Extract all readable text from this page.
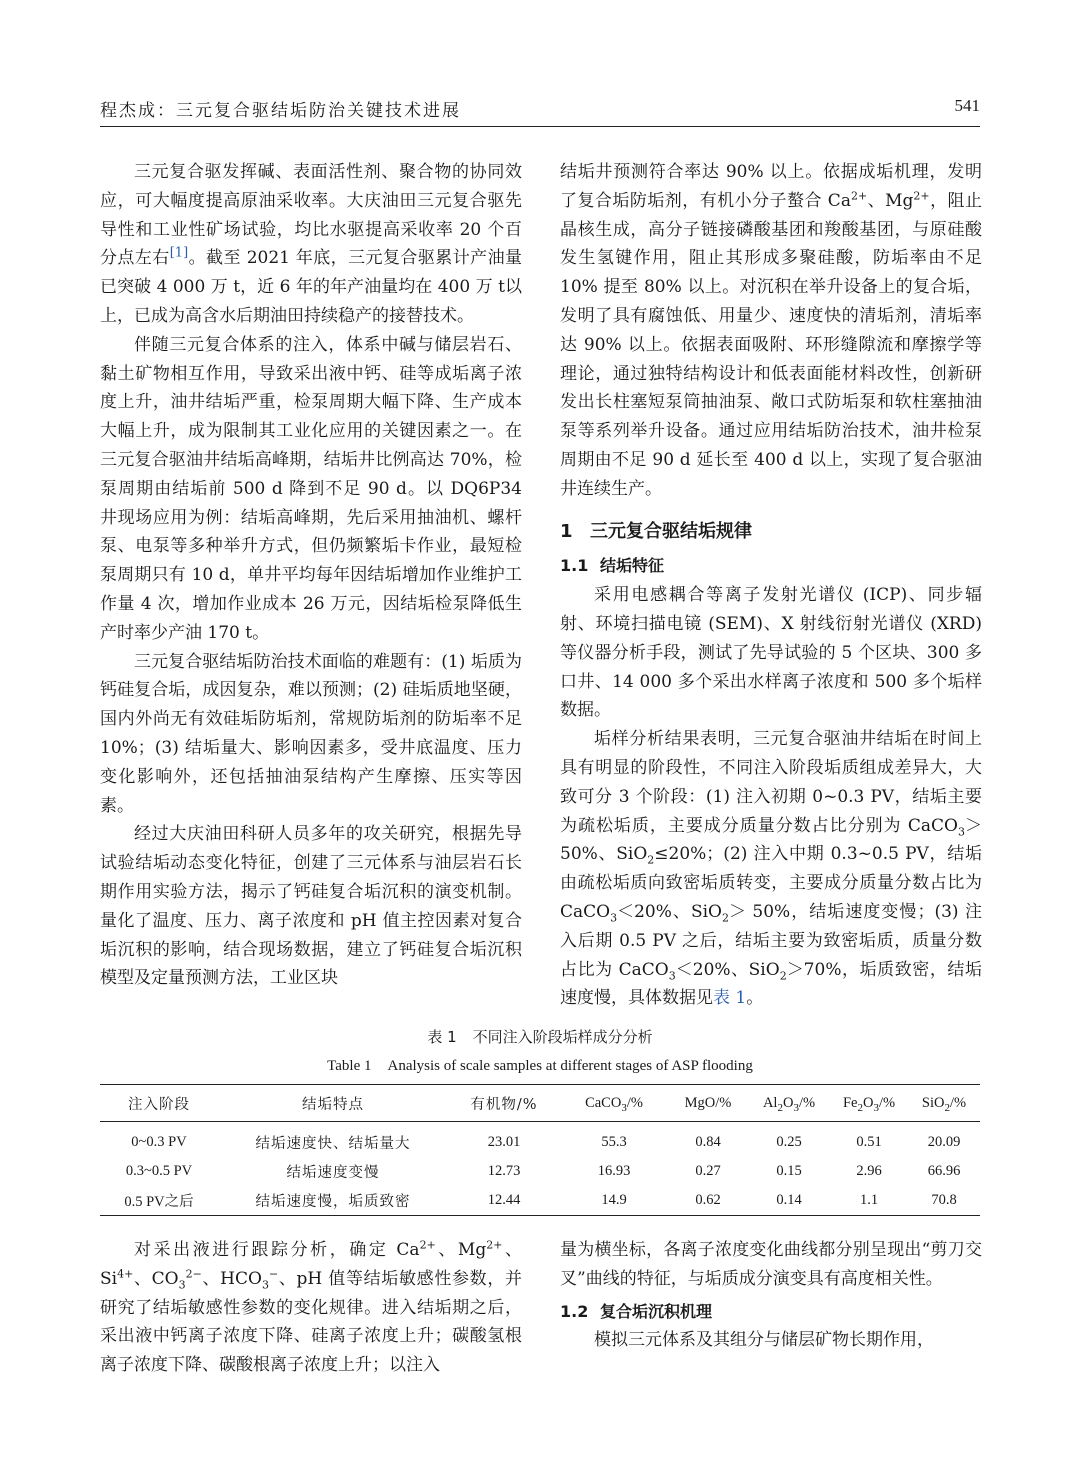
程杰成：三元复合驱结垢防治关键技术进展	541

三元复合驱发挥碱、表面活性剂、聚合物的协同效应，可大幅度提高原油采收率。大庆油田三元复合驱先导性和工业性矿场试验，均比水驱提高采收率 20 个百分点左右[1]。截至 2021 年底，三元复合驱累计产油量已突破 4 000 万 t，近 6 年的年产油量均在 400 万 t以上，已成为高含水后期油田持续稳产的接替技术。

伴随三元复合体系的注入，体系中碱与储层岩石、黏土矿物相互作用，导致采出液中钙、硅等成垢离子浓度上升，油井结垢严重，检泵周期大幅下降、生产成本大幅上升，成为限制其工业化应用的关键因素之一。在三元复合驱油井结垢高峰期，结垢井比例高达 70%，检泵周期由结垢前 500 d 降到不足 90 d。以 DQ6P34 井现场应用为例：结垢高峰期，先后采用抽油机、螺杆泵、电泵等多种举升方式，但仍频繁垢卡作业，最短检泵周期只有 10 d，单井平均每年因结垢增加作业维护工作量 4 次，增加作业成本 26 万元，因结垢检泵降低生产时率少产油 170 t。

三元复合驱结垢防治技术面临的难题有：(1) 垢质为钙硅复合垢，成因复杂，难以预测；(2) 硅垢质地坚硬，国内外尚无有效硅垢防垢剂，常规防垢剂的防垢率不足 10%；(3) 结垢量大、影响因素多，受井底温度、压力变化影响外，还包括抽油泵结构产生摩擦、压实等因素。

经过大庆油田科研人员多年的攻关研究，根据先导试验结垢动态变化特征，创建了三元体系与油层岩石长期作用实验方法，揭示了钙硅复合垢沉积的演变机制。量化了温度、压力、离子浓度和 pH 值主控因素对复合垢沉积的影响，结合现场数据，建立了钙硅复合垢沉积模型及定量预测方法，工业区块

结垢井预测符合率达 90% 以上。依据成垢机理，发明了复合垢防垢剂，有机小分子螯合 $Ca^{2+}$、$Mg^{2+}$，阻止晶核生成，高分子链接磷酸基团和羧酸基团，与原硅酸发生氢键作用，阻止其形成多聚硅酸，防垢率由不足 10% 提至 80% 以上。对沉积在举升设备上的复合垢，发明了具有腐蚀低、用量少、速度快的清垢剂，清垢率达 90% 以上。依据表面吸附、环形缝隙流和摩擦学等理论，通过独特结构设计和低表面能材料改性，创新研发出长柱塞短泵筒抽油泵、敞口式防垢泵和软柱塞抽油泵等系列举升设备。通过应用结垢防治技术，油井检泵周期由不足 90 d 延长至 400 d 以上，实现了复合驱油井连续生产。

1 三元复合驱结垢规律
1.1 结垢特征

采用电感耦合等离子发射光谱仪 (ICP)、同步辐射、环境扫描电镜 (SEM)、X 射线衍射光谱仪 (XRD) 等仪器分析手段，测试了先导试验的 5 个区块、300 多口井、14 000 多个采出水样离子浓度和 500 多个垢样数据。

垢样分析结果表明，三元复合驱油井结垢在时间上具有明显的阶段性，不同注入阶段垢质组成差异大，大致可分 3 个阶段：(1) 注入初期 0~0.3 PV，结垢主要为疏松垢质，主要成分质量分数占比分别为 CaCO$_3$＞50%、SiO$_2$≤20%；(2) 注入中期 0.3~0.5 PV，结垢由疏松垢质向致密垢质转变，主要成分质量分数占比为 CaCO$_3$＜20%、SiO$_2$＞ 50%，结垢速度变慢；(3) 注入后期 0.5 PV 之后，结垢主要为致密垢质，质量分数占比为 CaCO$_3$＜20%、SiO$_2$＞70%，垢质致密，结垢速度慢，具体数据见表 1。

表 1 不同注入阶段垢样成分分析
Table 1 Analysis of scale samples at different stages of ASP flooding
注入阶段	结垢特点	有机物/%	CaCO$_3$/%	MgO/%	$Al_2O_3/\%$	$Fe_2O_3/\%$	SiO$_2$/%
0~0.3 PV	结垢速度快、结垢量大	23.01	55.3	0.84	0.25	0.51	20.09
0.3~0.5 PV	结垢速度变慢	12.73	16.93	0.27	0.15	2.96	66.96
0.5 PV之后	结垢速度慢，垢质致密	12.44	14.9	0.62	0.14	1.1	70.8

对采出液进行跟踪分析，确定 $Ca^{2+}$、$Mg^{2+}$、$Si^{4+}$、$CO_3^{2-}$、$HCO_3^-$、pH 值等结垢敏感性参数，并研究了结垢敏感性参数的变化规律。进入结垢期之后，采出液中钙离子浓度下降、硅离子浓度上升；碳酸氢根离子浓度下降、碳酸根离子浓度上升；以注入

量为横坐标，各离子浓度变化曲线都分别呈现出“剪刀交叉”曲线的特征，与垢质成分演变具有高度相关性。

1.2 复合垢沉积机理

模拟三元体系及其组分与储层矿物长期作用，
